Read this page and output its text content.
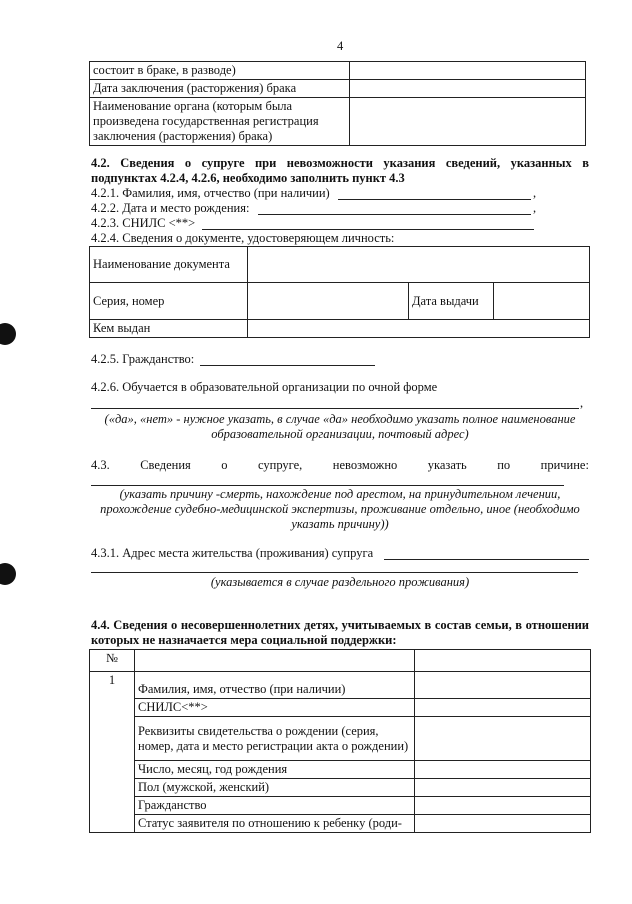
4
состоит в браке, в разводе)	
Дата заключения (расторжения) брака	
Наименование органа (которым была произведена государственная регистрация заключения (расторжения) брака)	
4.2. Сведения о супруге при невозможности указания сведений, указанных в подпунктах 4.2.4, 4.2.6, необходимо заполнить пункт 4.3
4.2.1. Фамилия, имя, отчество (при наличии)	,
4.2.2. Дата и место рождения:	,
4.2.3. СНИЛС <**>
4.2.4. Сведения о документе, удостоверяющем личность:
Наименование документа			
Серия, номер		Дата выдачи	
Кем выдан			
4.2.5. Гражданство:
4.2.6. Обучается в образовательной организации по очной форме
,
(«да», «нет» - нужное указать, в случае «да» необходимо указать полное наименование образовательной организации, почтовый адрес)
4.3. Сведения о супруге, невозможно указать по причине:
(указать причину -смерть, нахождение под арестом, на принудительном лечении, прохождение судебно-медицинской экспертизы, проживание отдельно, иное (необходимо указать причину))
4.3.1. Адрес места жительства (проживания) супруга
(указывается в случае раздельного проживания)
4.4. Сведения о несовершеннолетних детях, учитываемых в состав семьи, в отношении которых не назначается мера социальной поддержки:
№		
1	Фамилия, имя, отчество (при наличии)	
	СНИЛС<**>	
	Реквизиты свидетельства о рождении (серия, номер, дата и место регистрации акта о рождении)	
	Число, месяц, год рождения	
	Пол (мужской, женский)	
	Гражданство	
	Статус заявителя по отношению к ребенку (роди-	
